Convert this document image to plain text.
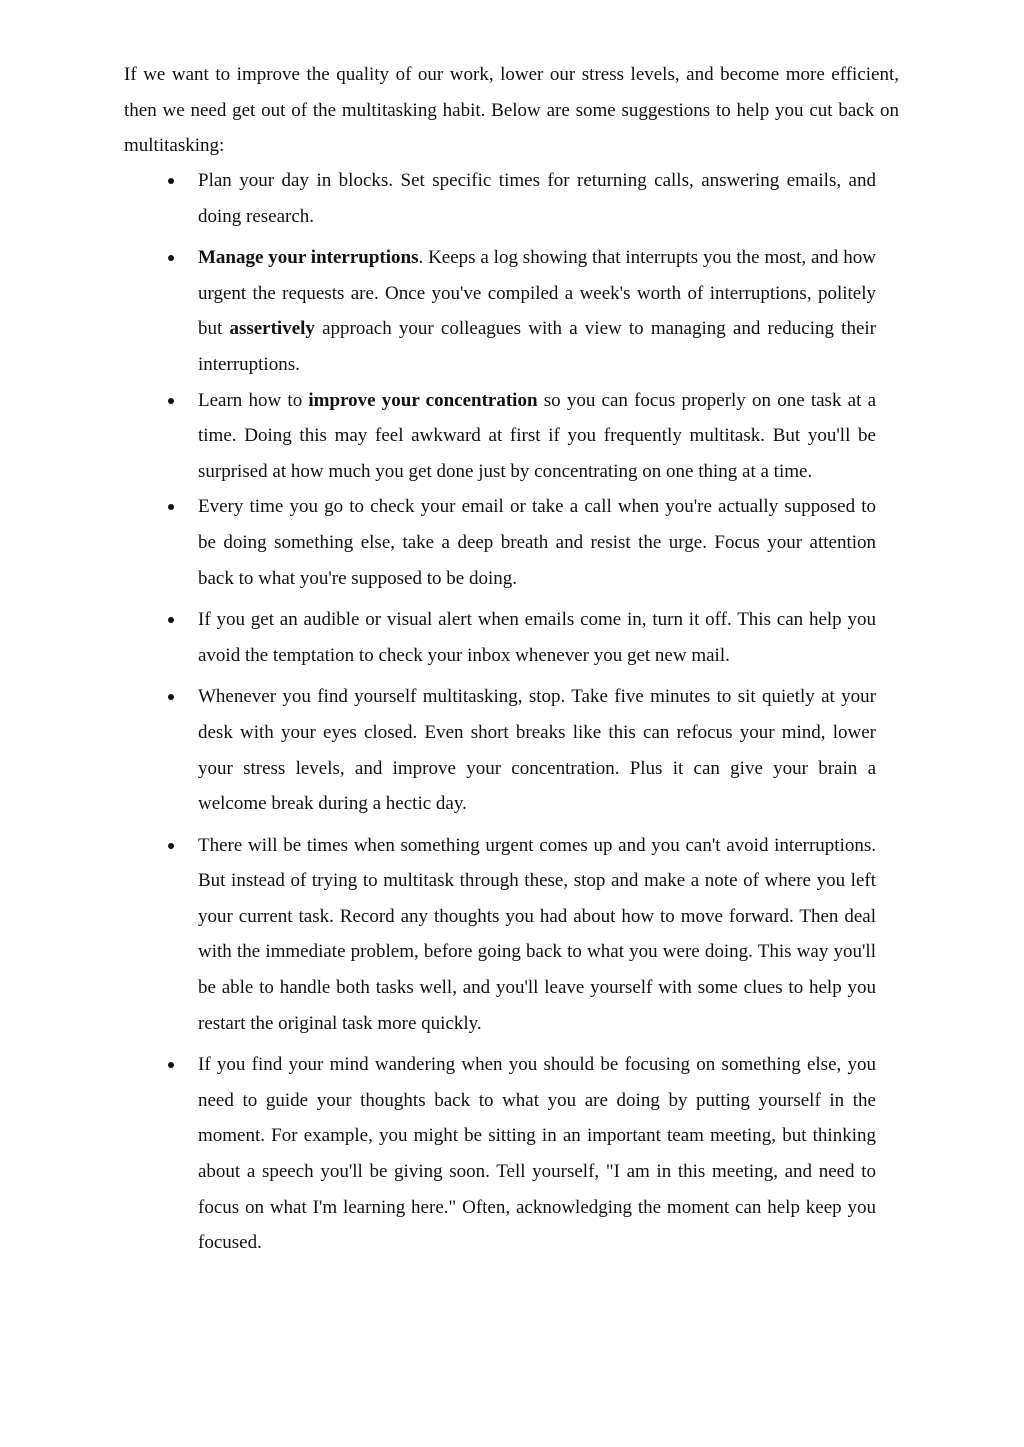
If we want to improve the quality of our work, lower our stress levels, and become more efficient, then we need get out of the multitasking habit. Below are some suggestions to help you cut back on multitasking:

Plan your day in blocks. Set specific times for returning calls, answering emails, and doing research.
Manage your interruptions. Keeps a log showing that interrupts you the most, and how urgent the requests are. Once you've compiled a week's worth of interruptions, politely but assertively approach your colleagues with a view to managing and reducing their interruptions.
Learn how to improve your concentration so you can focus properly on one task at a time. Doing this may feel awkward at first if you frequently multitask. But you'll be surprised at how much you get done just by concentrating on one thing at a time.
Every time you go to check your email or take a call when you're actually supposed to be doing something else, take a deep breath and resist the urge. Focus your attention back to what you're supposed to be doing.
If you get an audible or visual alert when emails come in, turn it off. This can help you avoid the temptation to check your inbox whenever you get new mail.
Whenever you find yourself multitasking, stop. Take five minutes to sit quietly at your desk with your eyes closed. Even short breaks like this can refocus your mind, lower your stress levels, and improve your concentration. Plus it can give your brain a welcome break during a hectic day.
There will be times when something urgent comes up and you can't avoid interruptions. But instead of trying to multitask through these, stop and make a note of where you left your current task. Record any thoughts you had about how to move forward. Then deal with the immediate problem, before going back to what you were doing. This way you'll be able to handle both tasks well, and you'll leave yourself with some clues to help you restart the original task more quickly.
If you find your mind wandering when you should be focusing on something else, you need to guide your thoughts back to what you are doing by putting yourself in the moment. For example, you might be sitting in an important team meeting, but thinking about a speech you'll be giving soon. Tell yourself, "I am in this meeting, and need to focus on what I'm learning here." Often, acknowledging the moment can help keep you focused.
